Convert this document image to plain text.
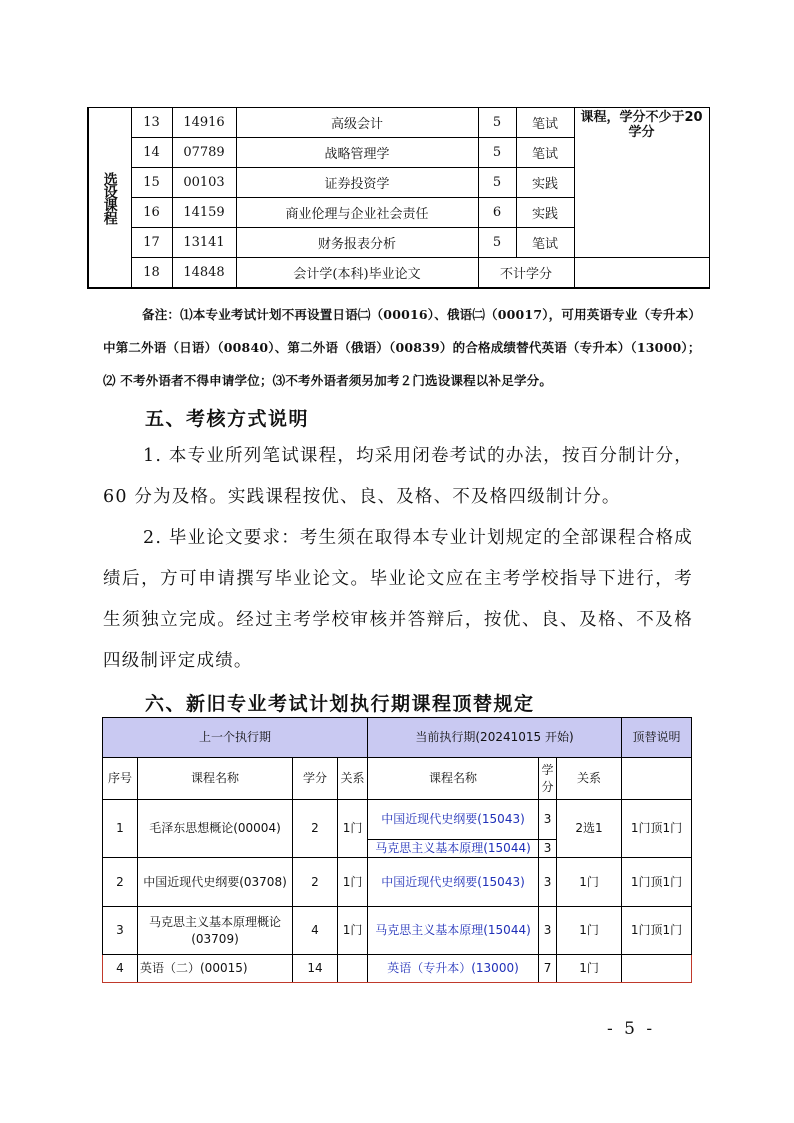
选设课程	13	14916	高级会计	5	笔试	课程，学分不少于20学分
	14	07789	战略管理学	5	笔试	
	15	00103	证券投资学	5	实践	
	16	14159	商业伦理与企业社会责任	6	实践	
	17	13141	财务报表分析	5	笔试	
	18	14848	会计学(本科)毕业论文	不计学分		
备注：⑴本专业考试计划不再设置日语㈡（00016）、俄语㈡（00017），可用英语专业（专升本）中第二外语（日语）（00840）、第二外语（俄语）（00839）的合格成绩替代英语（专升本）（13000）；⑵ 不考外语者不得申请学位；⑶不考外语者须另加考２门选设课程以补足学分。
五、考核方式说明

1. 本专业所列笔试课程，均采用闭卷考试的办法，按百分制计分，60 分为及格。实践课程按优、良、及格、不及格四级制计分。

2. 毕业论文要求：考生须在取得本专业计划规定的全部课程合格成绩后，方可申请撰写毕业论文。毕业论文应在主考学校指导下进行，考生须独立完成。经过主考学校审核并答辩后，按优、良、及格、不及格四级制评定成绩。

六、新旧专业考试计划执行期课程顶替规定
上一个执行期				当前执行期(20241015 开始)			顶替说明
序号	课程名称	学分	关系	课程名称	学分	关系	
1	毛泽东思想概论(00004)	2	1门	中国近现代史纲要(15043)	3	2选1	1门顶1门
				马克思主义基本原理(15044)	3		
2	中国近现代史纲要(03708)	2	1门	中国近现代史纲要(15043)	3	1门	1门顶1门
3	马克思主义基本原理概论(03709)	4	1门	马克思主义基本原理(15044)	3	1门	1门顶1门
4	英语（二）(00015)	14		英语（专升本）(13000)	7	1门	
- 5 -
